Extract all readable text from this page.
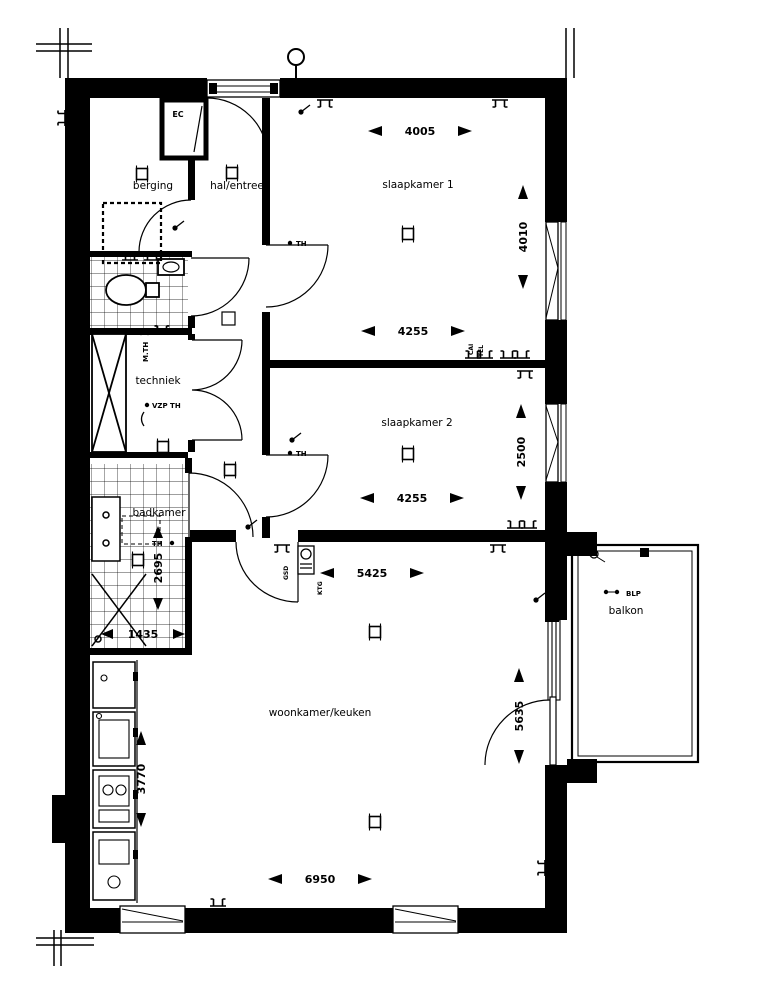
EC
TH
TH
TH
M.TH
VZP TH
BLP
CAI TEL
GSD
KTG
berging	hal/entree	slaapkamer 1
slaapkamer 2
techniek
badkamer
woonkamer/keuken
balkon
4005
4010
4255
4255
2500
5425
2695
1435
3770
5635
6950
